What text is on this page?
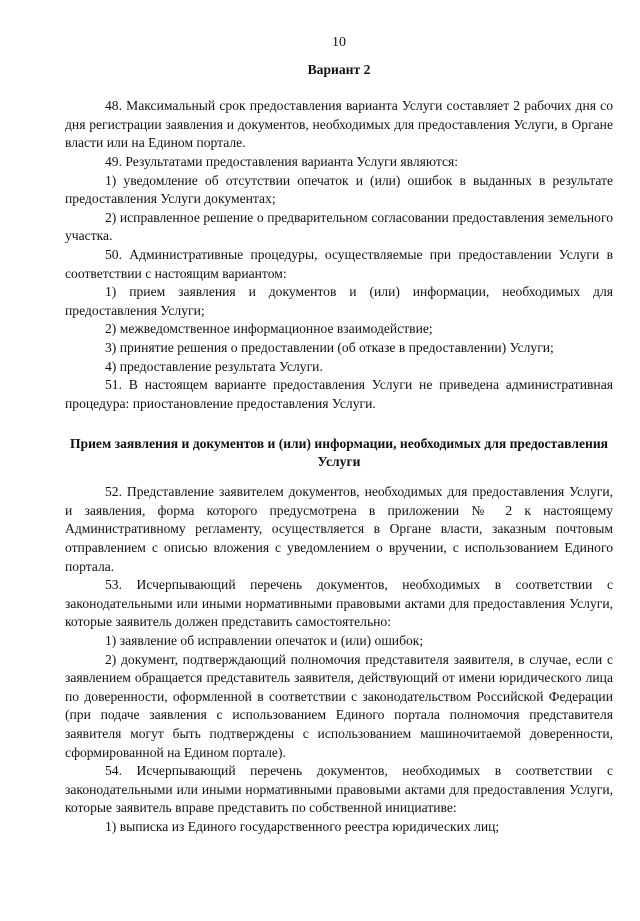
10
Вариант 2

48. Максимальный срок предоставления варианта Услуги составляет 2 рабочих дня со дня регистрации заявления и документов, необходимых для предоставления Услуги, в Органе власти или на Едином портале.

49. Результатами предоставления варианта Услуги являются:

1) уведомление об отсутствии опечаток и (или) ошибок в выданных в результате предоставления Услуги документах;

2) исправленное решение о предварительном согласовании предоставления земельного участка.

50. Административные процедуры, осуществляемые при предоставлении Услуги в соответствии с настоящим вариантом:

1) прием заявления и документов и (или) информации, необходимых для предоставления Услуги;

2) межведомственное информационное взаимодействие;

3) принятие решения о предоставлении (об отказе в предоставлении) Услуги;

4) предоставление результата Услуги.

51. В настоящем варианте предоставления Услуги не приведена административная процедура: приостановление предоставления Услуги.

Прием заявления и документов и (или) информации, необходимых для предоставления Услуги

52. Представление заявителем документов, необходимых для предоставления Услуги, и заявления, форма которого предусмотрена в приложении № 2 к настоящему Административному регламенту, осуществляется в Органе власти, заказным почтовым отправлением с описью вложения с уведомлением о вручении, с использованием Единого портала.

53. Исчерпывающий перечень документов, необходимых в соответствии с законодательными или иными нормативными правовыми актами для предоставления Услуги, которые заявитель должен представить самостоятельно:

1) заявление об исправлении опечаток и (или) ошибок;

2) документ, подтверждающий полномочия представителя заявителя, в случае, если с заявлением обращается представитель заявителя, действующий от имени юридического лица по доверенности, оформленной в соответствии с законодательством Российской Федерации (при подаче заявления с использованием Единого портала полномочия представителя заявителя могут быть подтверждены с использованием машиночитаемой доверенности, сформированной на Едином портале).

54. Исчерпывающий перечень документов, необходимых в соответствии с законодательными или иными нормативными правовыми актами для предоставления Услуги, которые заявитель вправе представить по собственной инициативе:

1) выписка из Единого государственного реестра юридических лиц;
